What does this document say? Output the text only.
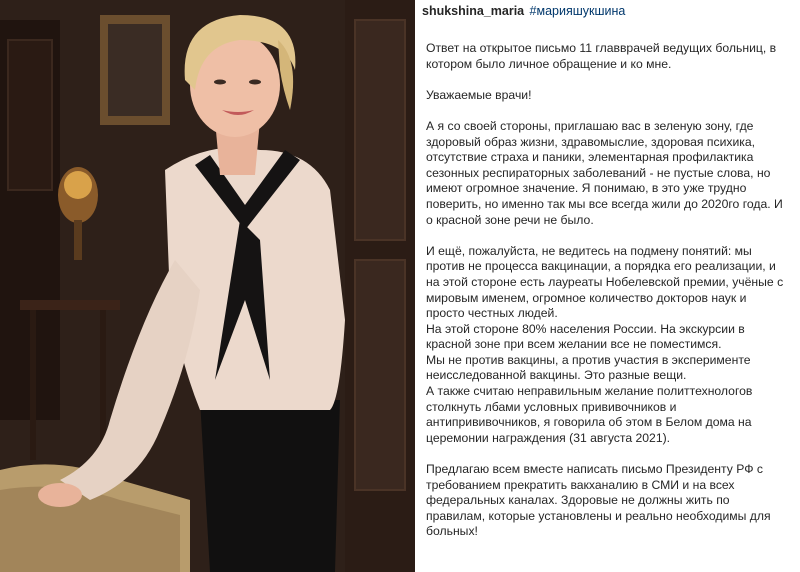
shukshina_maria #марияшукшина

Ответ на открытое письмо 11 главврачей ведущих больниц, в котором было личное обращение и ко мне.

Уважаемые врачи!

А я со своей стороны, приглашаю вас в зеленую зону, где здоровый образ жизни, здравомыслие, здоровая психика, отсутствие страха и паники, элементарная профилактика сезонных респираторных заболеваний - не пустые слова, но имеют огромное значение. Я понимаю, в это уже трудно поверить, но именно так мы все всегда жили до 2020го года. И о красной зоне речи не было.

И ещё, пожалуйста, не ведитесь на подмену понятий: мы против не процесса вакцинации, а порядка его реализации, и на этой стороне есть лауреаты Нобелевской премии, учёные с мировым именем, огромное количество докторов наук и просто честных людей.

На этой стороне 80% населения России. На экскурсии в красной зоне при всем желании все не поместимся.

Мы не против вакцины, а против участия в эксперименте неисследованной вакцины. Это разные вещи.

А также считаю неправильным желание политтехнологов столкнуть лбами условных прививочников и антипрививочников, я говорила об этом в Белом дома на церемонии награждения (31 августа 2021).

Предлагаю всем вместе написать письмо Президенту РФ с требованием прекратить вакханалию в СМИ и на всех федеральных каналах. Здоровые не должны жить по правилам, которые установлены и реально необходимы для больных!
